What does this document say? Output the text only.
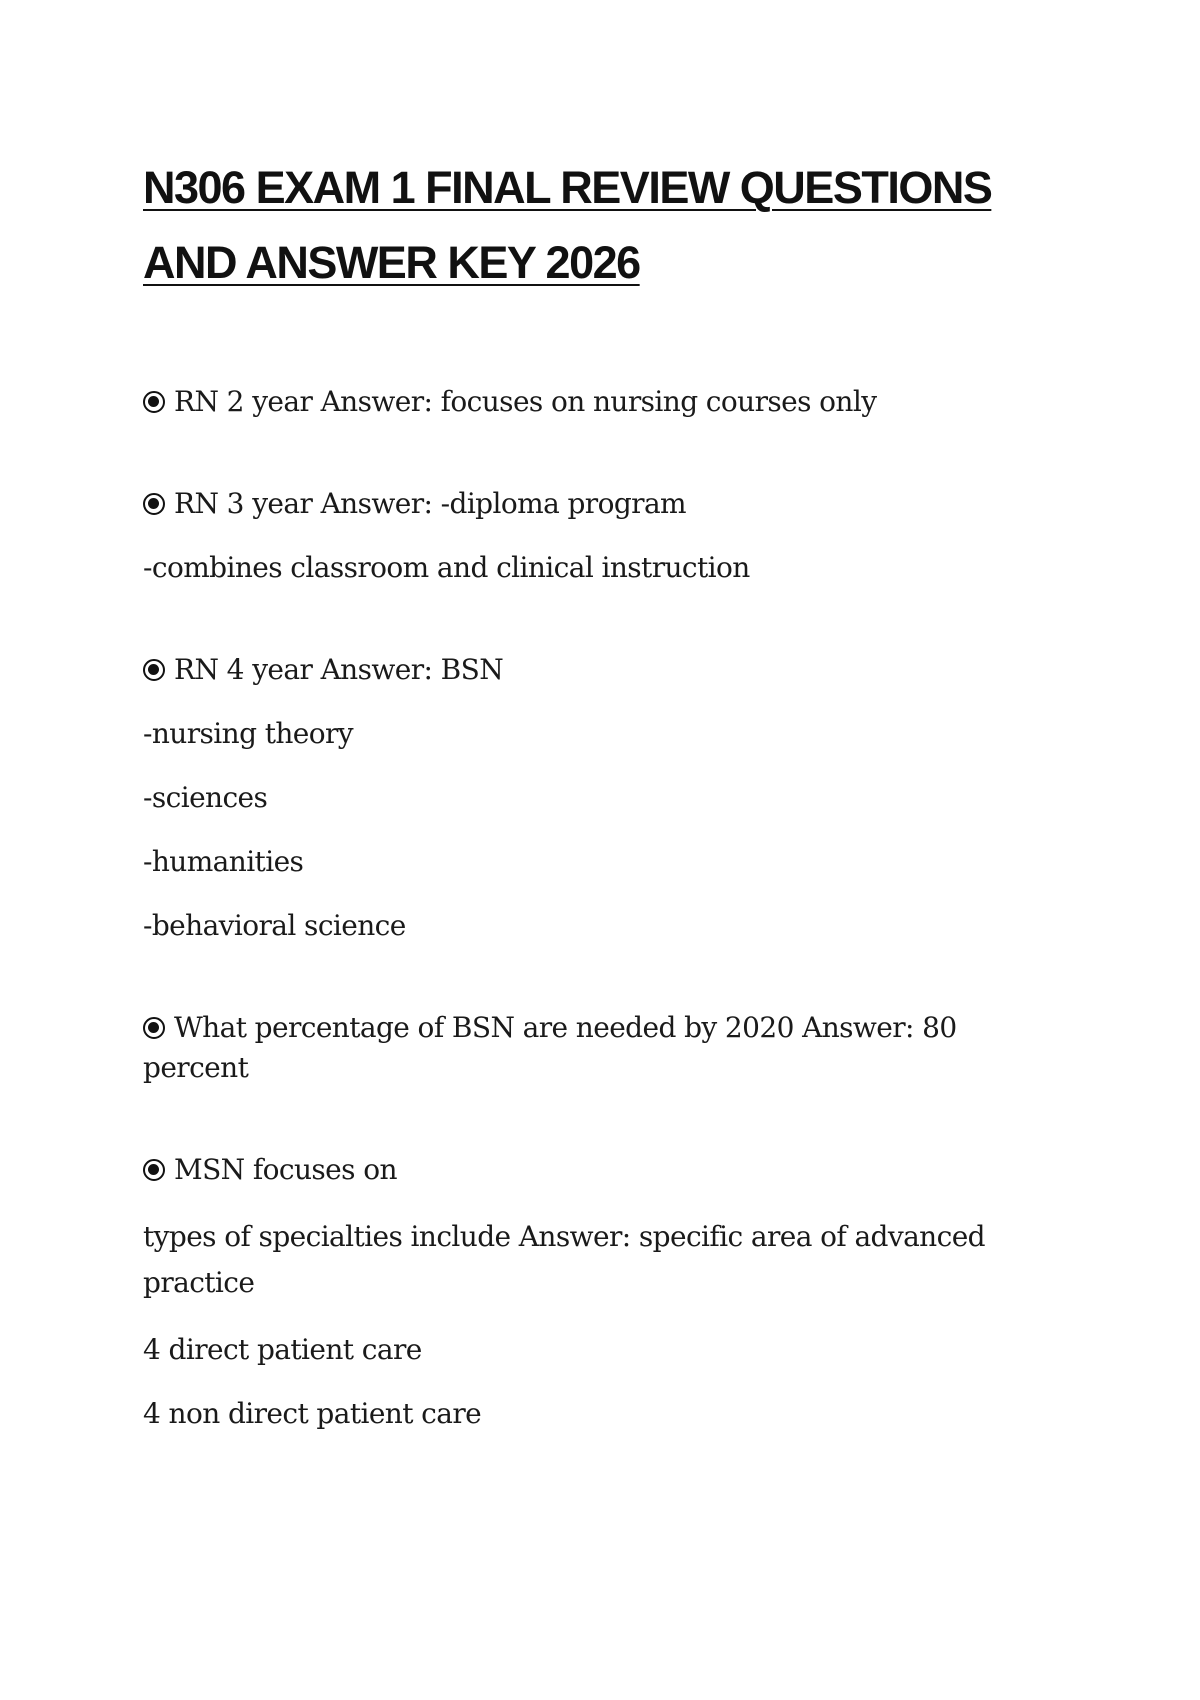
N306 EXAM 1 FINAL REVIEW QUESTIONS AND ANSWER KEY 2026

RN 2 year Answer: focuses on nursing courses only

RN 3 year Answer: -diploma program

-combines classroom and clinical instruction

RN 4 year Answer: BSN

-nursing theory

-sciences

-humanities

-behavioral science

What percentage of BSN are needed by 2020 Answer: 80 percent

MSN focuses on

types of specialties include Answer: specific area of advanced practice

4 direct patient care

4 non direct patient care
